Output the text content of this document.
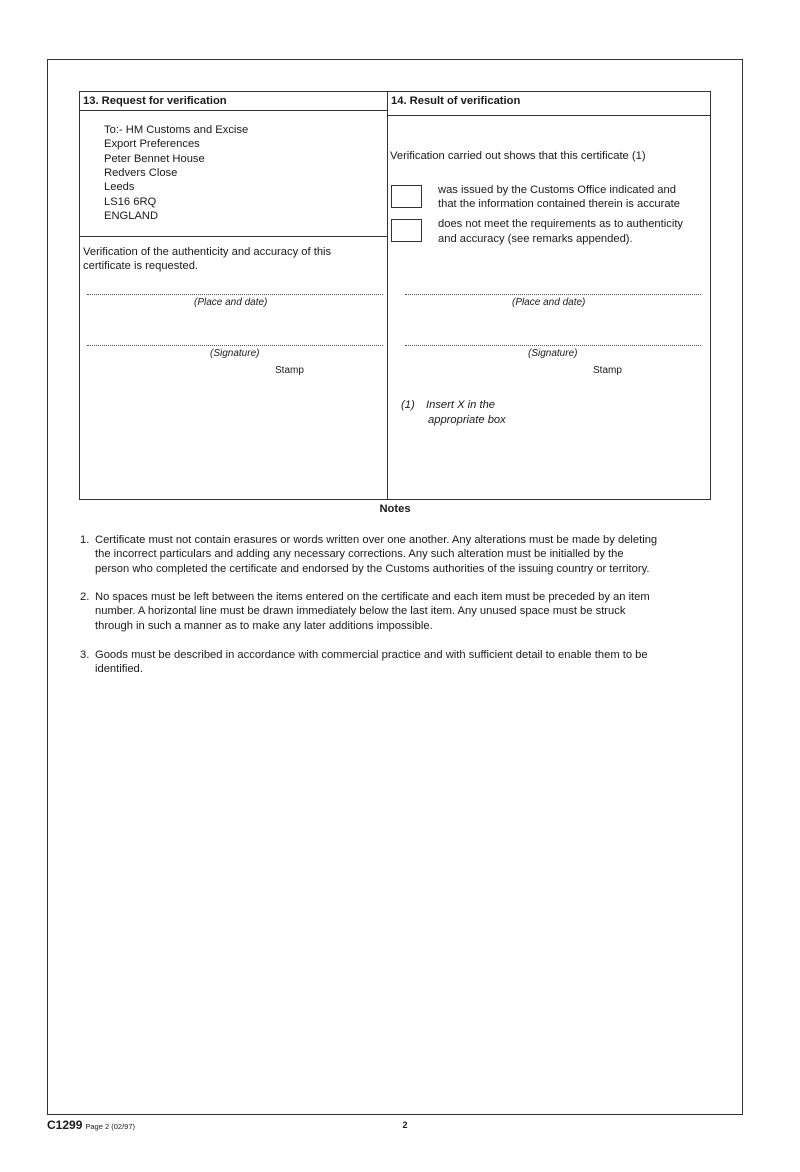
13. Request for verification
To:- HM Customs and Excise
Export Preferences
Peter Bennet House
Redvers Close
Leeds
LS16 6RQ
ENGLAND
Verification of the authenticity and accuracy of this
certificate is requested.
(Place and date)
(Signature)
Stamp
14. Result of verification
Verification carried out shows that this certificate (1)
was issued by the Customs Office indicated and
that the information contained therein is accurate
does not meet the requirements as to authenticity
and accuracy (see remarks appended).
(Place and date)
(Signature)
Stamp
(1) Insert X in the
appropriate box
Notes
1. Certificate must not contain erasures or words written over one another. Any alterations must be made by deleting
the incorrect particulars and adding any necessary corrections. Any such alteration must be initialled by the
person who completed the certificate and endorsed by the Customs authorities of the issuing country or territory.
2. No spaces must be left between the items entered on the certificate and each item must be preceded by an item
number. A horizontal line must be drawn immediately below the last item. Any unused space must be struck
through in such a manner as to make any later additions impossible.
3. Goods must be described in accordance with commercial practice and with sufficient detail to enable them to be
identified.
C1299 Page 2 (02/97)	2
